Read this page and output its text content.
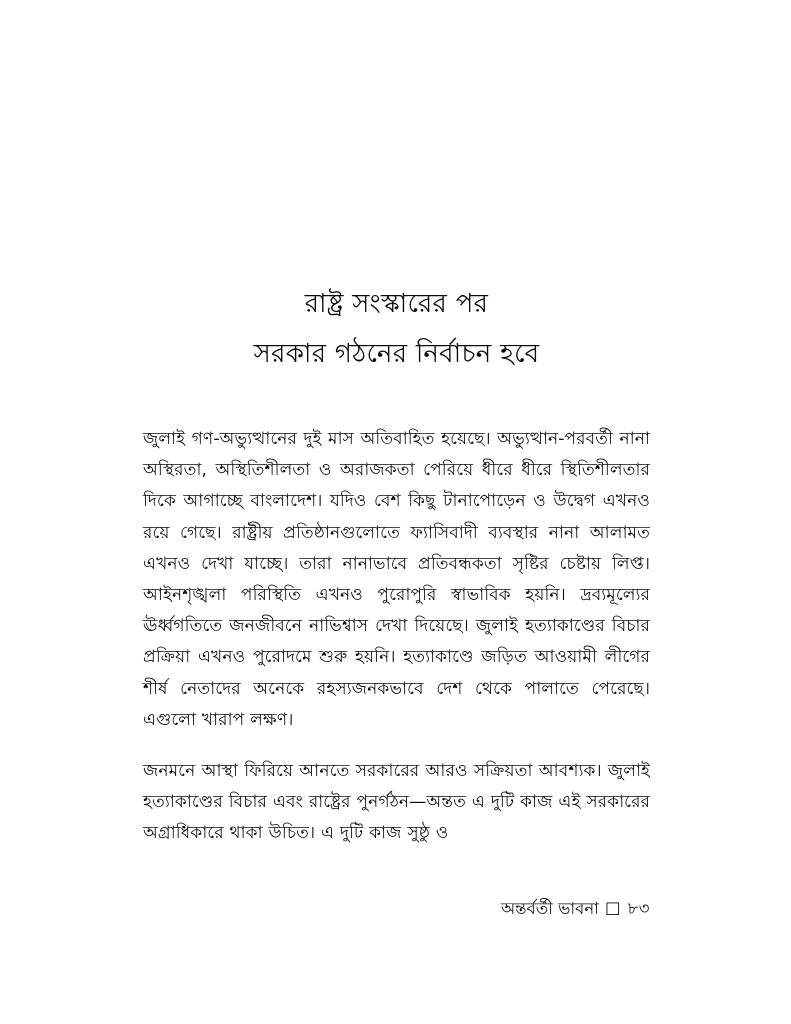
রাষ্ট্র সংস্কারের পর
সরকার গঠনের নির্বাচন হবে

জুলাই গণ-অভ্যুত্থানের দুই মাস অতিবাহিত হয়েছে। অভ্যুত্থান-পরবর্তী নানা অস্থিরতা, অস্থিতিশীলতা ও অরাজকতা পেরিয়ে ধীরে ধীরে স্থিতিশীলতার দিকে আগাচ্ছে বাংলাদেশ। যদিও বেশ কিছু টানাপোড়েন ও উদ্বেগ এখনও রয়ে গেছে। রাষ্ট্রীয় প্রতিষ্ঠানগুলোতে ফ্যাসিবাদী ব্যবস্থার নানা আলামত এখনও দেখা যাচ্ছে। তারা নানাভাবে প্রতিবন্ধকতা সৃষ্টির চেষ্টায় লিপ্ত। আইনশৃঙ্খলা পরিস্থিতি এখনও পুরোপুরি স্বাভাবিক হয়নি। দ্রব্যমূল্যের ঊর্ধ্বগতিতে জনজীবনে নাভিশ্বাস দেখা দিয়েছে। জুলাই হত্যাকাণ্ডের বিচার প্রক্রিয়া এখনও পুরোদমে শুরু হয়নি। হত্যাকাণ্ডে জড়িত আওয়ামী লীগের শীর্ষ নেতাদের অনেকে রহস্যজনকভাবে দেশ থেকে পালাতে পেরেছে। এগুলো খারাপ লক্ষণ।

জনমনে আস্থা ফিরিয়ে আনতে সরকারের আরও সক্রিয়তা আবশ্যক। জুলাই হত্যাকাণ্ডের বিচার এবং রাষ্ট্রের পুনর্গঠন—অন্তত এ দুটি কাজ এই সরকারের অগ্রাধিকারে থাকা উচিত। এ দুটি কাজ সুষ্ঠু ও

অন্তর্বর্তী ভাবনা □ ৮৩
